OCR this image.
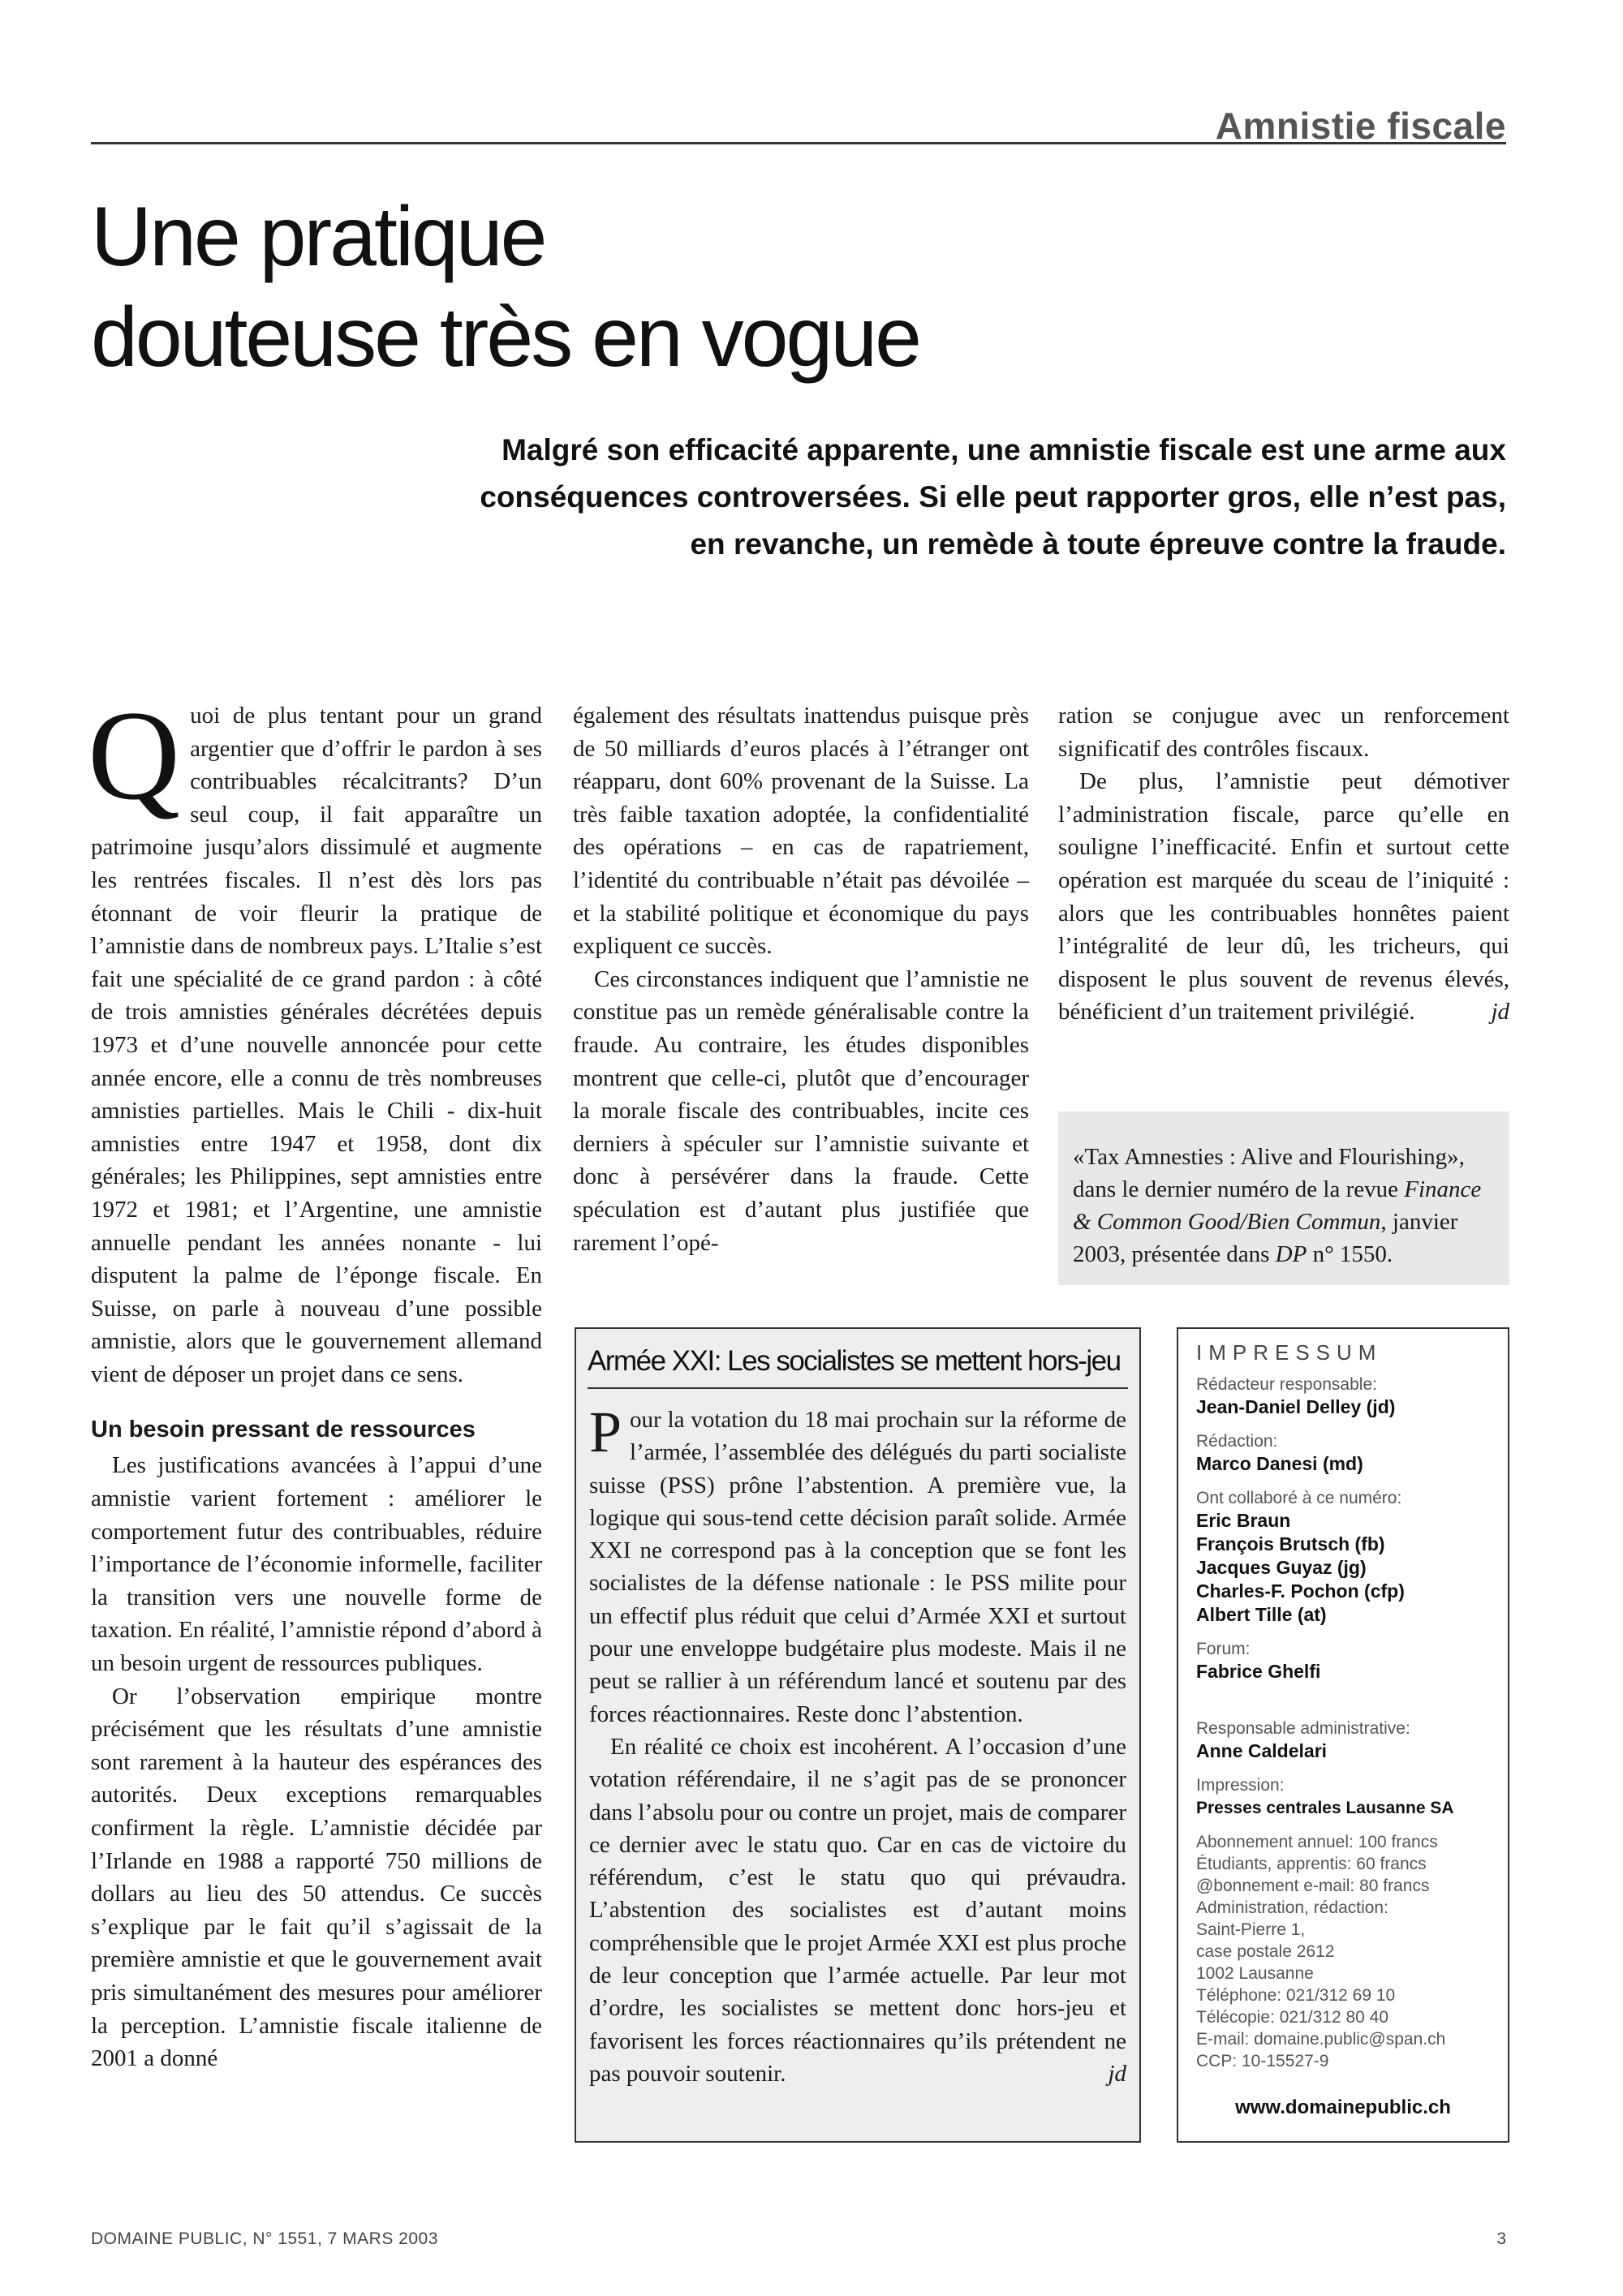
Amnistie fiscale
Une pratique
douteuse très en vogue
Malgré son efficacité apparente, une amnistie fiscale est une arme aux conséquences controversées. Si elle peut rapporter gros, elle n’est pas, en revanche, un remède à toute épreuve contre la fraude.

Quoi de plus tentant pour un grand argentier que d’offrir le pardon à ses contribuables récalcitrants? D’un seul coup, il fait apparaître un patrimoine jusqu’alors dissimulé et augmente les rentrées fiscales. Il n’est dès lors pas étonnant de voir fleurir la pratique de l’amnistie dans de nombreux pays. L’Italie s’est fait une spécialité de ce grand pardon : à côté de trois amnisties générales décrétées depuis 1973 et d’une nouvelle annoncée pour cette année encore, elle a connu de très nombreuses amnisties partielles. Mais le Chili - dix-huit amnisties entre 1947 et 1958, dont dix générales; les Philippines, sept amnisties entre 1972 et 1981; et l’Argentine, une amnistie annuelle pendant les années nonante - lui disputent la palme de l’éponge fiscale. En Suisse, on parle à nouveau d’une possible amnistie, alors que le gouvernement allemand vient de déposer un projet dans ce sens.

Un besoin pressant de ressources

Les justifications avancées à l’appui d’une amnistie varient fortement : améliorer le comportement futur des contribuables, réduire l’importance de l’économie informelle, faciliter la transition vers une nouvelle forme de taxation. En réalité, l’amnistie répond d’abord à un besoin urgent de ressources publiques.

Or l’observation empirique montre précisément que les résultats d’une amnistie sont rarement à la hauteur des espérances des autorités. Deux exceptions remarquables confirment la règle. L’amnistie décidée par l’Irlande en 1988 a rapporté 750 millions de dollars au lieu des 50 attendus. Ce succès s’explique par le fait qu’il s’agissait de la première amnistie et que le gouvernement avait pris simultanément des mesures pour améliorer la perception. L’amnistie fiscale italienne de 2001 a donné

également des résultats inattendus puisque près de 50 milliards d’euros placés à l’étranger ont réapparu, dont 60% provenant de la Suisse. La très faible taxation adoptée, la confidentialité des opérations – en cas de rapatriement, l’identité du contribuable n’était pas dévoilée – et la stabilité politique et économique du pays expliquent ce succès.

Ces circonstances indiquent que l’amnistie ne constitue pas un remède généralisable contre la fraude. Au contraire, les études disponibles montrent que celle-ci, plutôt que d’encourager la morale fiscale des contribuables, incite ces derniers à spéculer sur l’amnistie suivante et donc à persévérer dans la fraude. Cette spéculation est d’autant plus justifiée que rarement l’opé-

ration se conjugue avec un renforcement significatif des contrôles fiscaux.

De plus, l’amnistie peut démotiver l’administration fiscale, parce qu’elle en souligne l’inefficacité. Enfin et surtout cette opération est marquée du sceau de l’iniquité : alors que les contribuables honnêtes paient l’intégralité de leur dû, les tricheurs, qui disposent le plus souvent de revenus élevés, bénéficient d’un traitement privilégié.	jd

«Tax Amnesties : Alive and Flourishing», dans le dernier numéro de la revue Finance & Common Good/Bien Commun, janvier 2003, présentée dans DP n° 1550.
Armée XXI: Les socialistes se mettent hors-jeu

Pour la votation du 18 mai prochain sur la réforme de l’armée, l’assemblée des délégués du parti socialiste suisse (PSS) prône l’abstention. A première vue, la logique qui sous-tend cette décision paraît solide. Armée XXI ne correspond pas à la conception que se font les socialistes de la défense nationale : le PSS milite pour un effectif plus réduit que celui d’Armée XXI et surtout pour une enveloppe budgétaire plus modeste. Mais il ne peut se rallier à un référendum lancé et soutenu par des forces réactionnaires. Reste donc l’abstention.

En réalité ce choix est incohérent. A l’occasion d’une votation référendaire, il ne s’agit pas de se prononcer dans l’absolu pour ou contre un projet, mais de comparer ce dernier avec le statu quo. Car en cas de victoire du référendum, c’est le statu quo qui prévaudra. L’abstention des socialistes est d’autant moins compréhensible que le projet Armée XXI est plus proche de leur conception que l’armée actuelle. Par leur mot d’ordre, les socialistes se mettent donc hors-jeu et favorisent les forces réactionnaires qu’ils prétendent ne pas pouvoir soutenir.	jd

IMPRESSUM
Rédacteur responsable:
Jean-Daniel Delley (jd)
Rédaction:
Marco Danesi (md)
Ont collaboré à ce numéro:
Eric Braun
François Brutsch (fb)
Jacques Guyaz (jg)
Charles-F. Pochon (cfp)
Albert Tille (at)
Forum:
Fabrice Ghelfi
Responsable administrative:
Anne Caldelari
Impression:
Presses centrales Lausanne SA
Abonnement annuel: 100 francs
Étudiants, apprentis: 60 francs
@bonnement e-mail: 80 francs
Administration, rédaction:
Saint-Pierre 1,
case postale 2612
1002 Lausanne
Téléphone: 021/312 69 10
Télécopie: 021/312 80 40
E-mail: domaine.public@span.ch
CCP: 10-15527-9
www.domainepublic.ch
DOMAINE PUBLIC, N° 1551, 7 MARS 2003	3
